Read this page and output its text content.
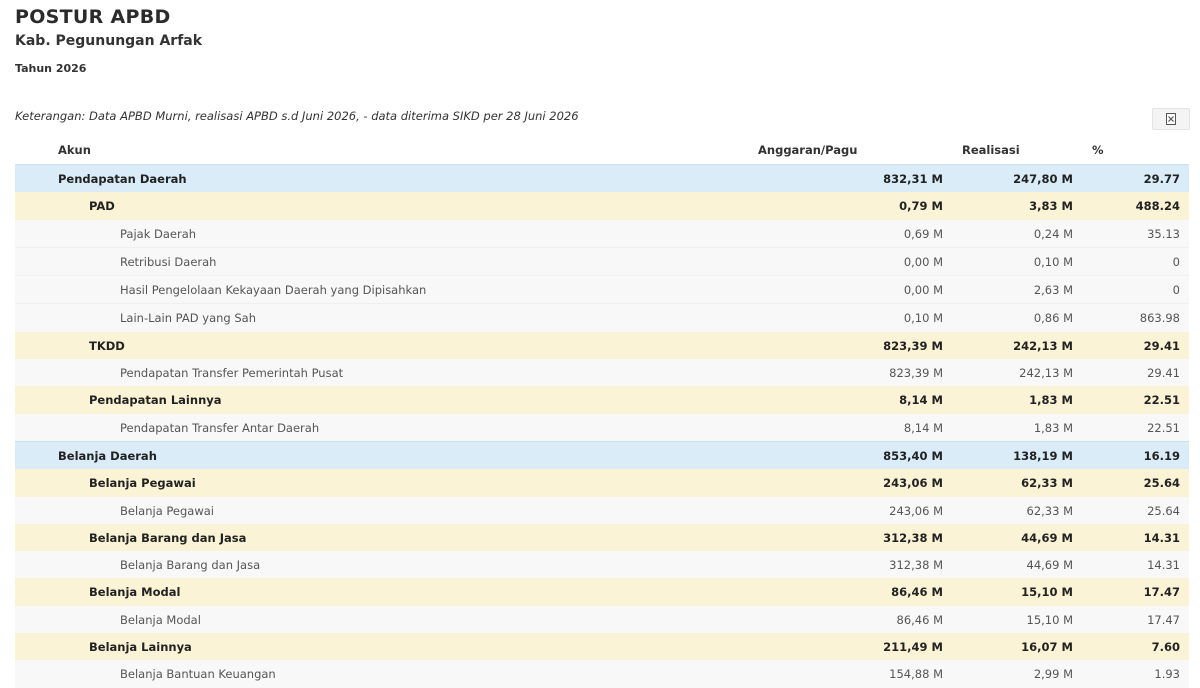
POSTUR APBD
Kab. Pegunungan Arfak
Tahun 2026
Keterangan: Data APBD Murni, realisasi APBD s.d Juni 2026, - data diterima SIKD per 28 Juni 2026
Akun	Anggaran/Pagu	Realisasi	%
Pendapatan Daerah	832,31 M	247,80 M	29.77
PAD	0,79 M	3,83 M	488.24
Pajak Daerah	0,69 M	0,24 M	35.13
Retribusi Daerah	0,00 M	0,10 M	0
Hasil Pengelolaan Kekayaan Daerah yang Dipisahkan	0,00 M	2,63 M	0
Lain-Lain PAD yang Sah	0,10 M	0,86 M	863.98
TKDD	823,39 M	242,13 M	29.41
Pendapatan Transfer Pemerintah Pusat	823,39 M	242,13 M	29.41
Pendapatan Lainnya	8,14 M	1,83 M	22.51
Pendapatan Transfer Antar Daerah	8,14 M	1,83 M	22.51
Belanja Daerah	853,40 M	138,19 M	16.19
Belanja Pegawai	243,06 M	62,33 M	25.64
Belanja Pegawai	243,06 M	62,33 M	25.64
Belanja Barang dan Jasa	312,38 M	44,69 M	14.31
Belanja Barang dan Jasa	312,38 M	44,69 M	14.31
Belanja Modal	86,46 M	15,10 M	17.47
Belanja Modal	86,46 M	15,10 M	17.47
Belanja Lainnya	211,49 M	16,07 M	7.60
Belanja Bantuan Keuangan	154,88 M	2,99 M	1.93
